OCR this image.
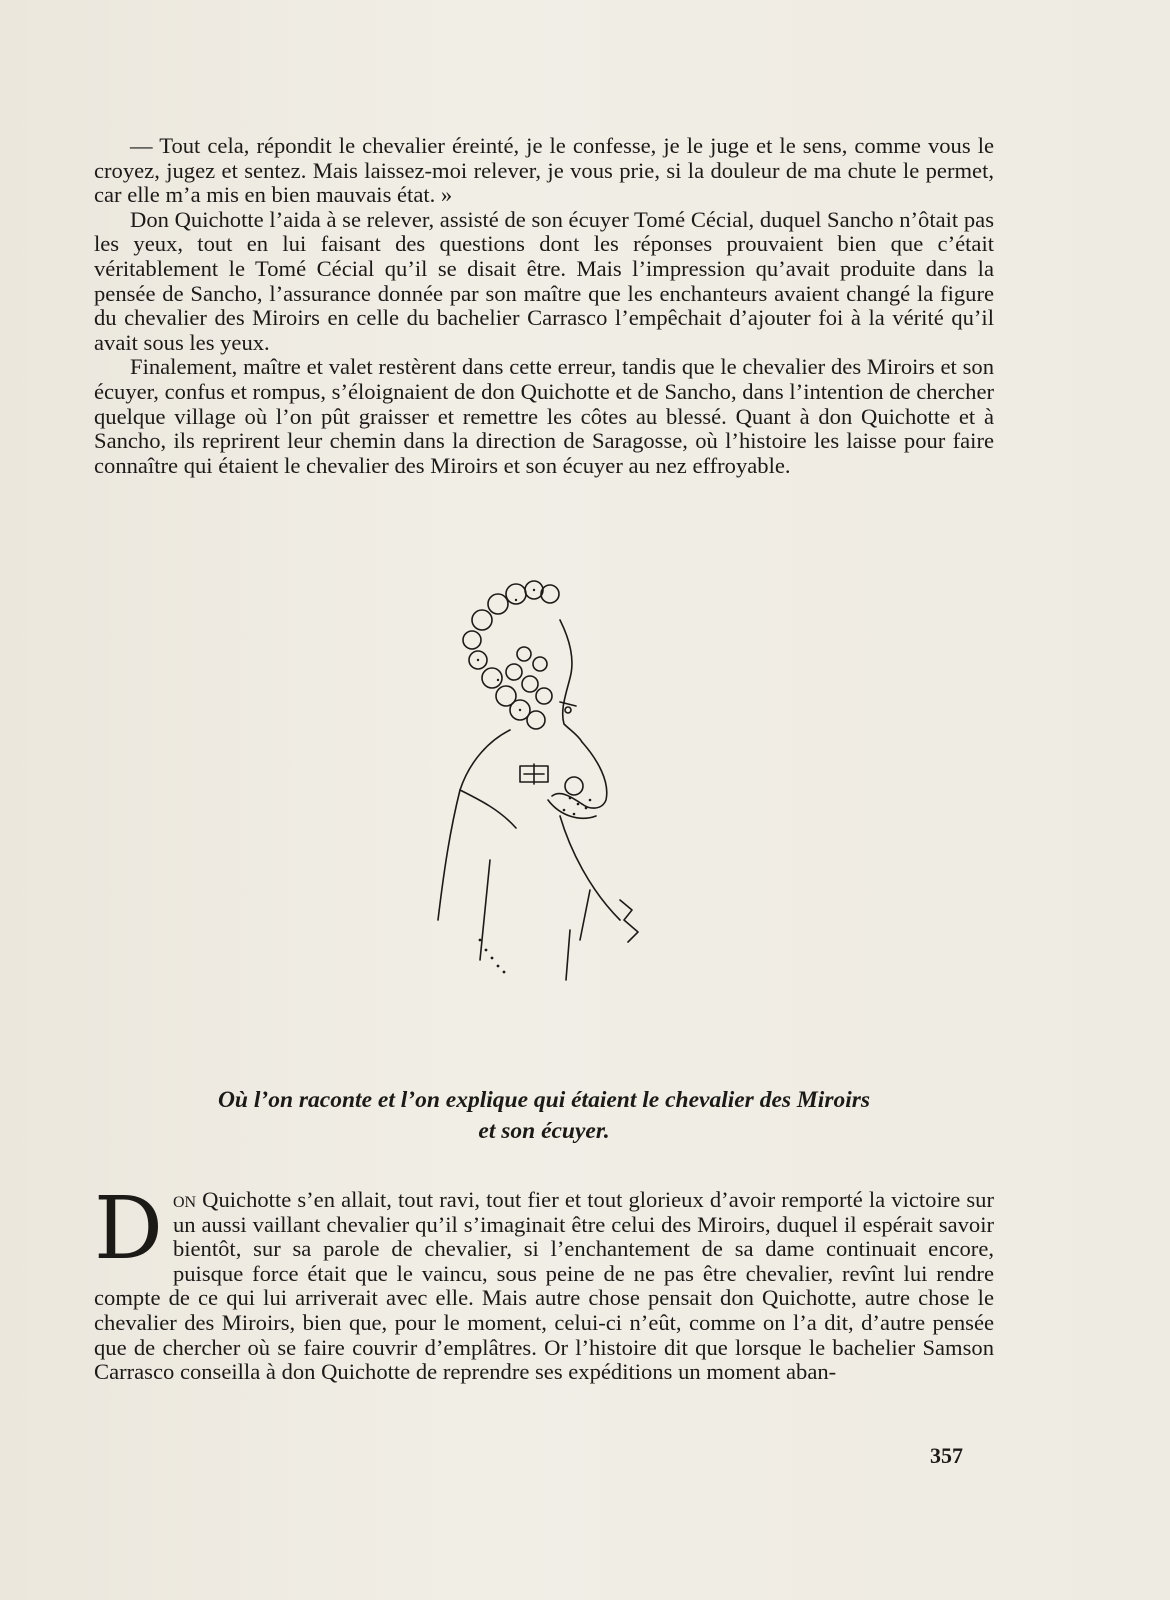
— Tout cela, répondit le chevalier éreinté, je le confesse, je le juge et le sens, comme vous le croyez, jugez et sentez. Mais laissez-moi relever, je vous prie, si la douleur de ma chute le permet, car elle m’a mis en bien mauvais état. »

Don Quichotte l’aida à se relever, assisté de son écuyer Tomé Cécial, duquel Sancho n’ôtait pas les yeux, tout en lui faisant des questions dont les réponses prouvaient bien que c’était véritablement le Tomé Cécial qu’il se disait être. Mais l’impression qu’avait produite dans la pensée de Sancho, l’assurance donnée par son maître que les enchanteurs avaient changé la figure du chevalier des Miroirs en celle du bachelier Carrasco l’empêchait d’ajouter foi à la vérité qu’il avait sous les yeux.

Finalement, maître et valet restèrent dans cette erreur, tandis que le chevalier des Miroirs et son écuyer, confus et rompus, s’éloignaient de don Quichotte et de Sancho, dans l’intention de chercher quelque village où l’on pût graisser et remettre les côtes au blessé. Quant à don Quichotte et à Sancho, ils reprirent leur chemin dans la direction de Saragosse, où l’histoire les laisse pour faire connaître qui étaient le chevalier des Miroirs et son écuyer au nez effroyable.

Où l’on raconte et l’on explique qui étaient le chevalier des Miroirs
et son écuyer.

Don Quichotte s’en allait, tout ravi, tout fier et tout glorieux d’avoir remporté la victoire sur un aussi vaillant chevalier qu’il s’imaginait être celui des Miroirs, duquel il espérait savoir bientôt, sur sa parole de chevalier, si l’enchantement de sa dame continuait encore, puisque force était que le vaincu, sous peine de ne pas être chevalier, revînt lui rendre compte de ce qui lui arriverait avec elle. Mais autre chose pensait don Quichotte, autre chose le chevalier des Miroirs, bien que, pour le moment, celui-ci n’eût, comme on l’a dit, d’autre pensée que de chercher où se faire couvrir d’emplâtres. Or l’histoire dit que lorsque le bachelier Samson Carrasco conseilla à don Quichotte de reprendre ses expéditions un moment aban-

357
